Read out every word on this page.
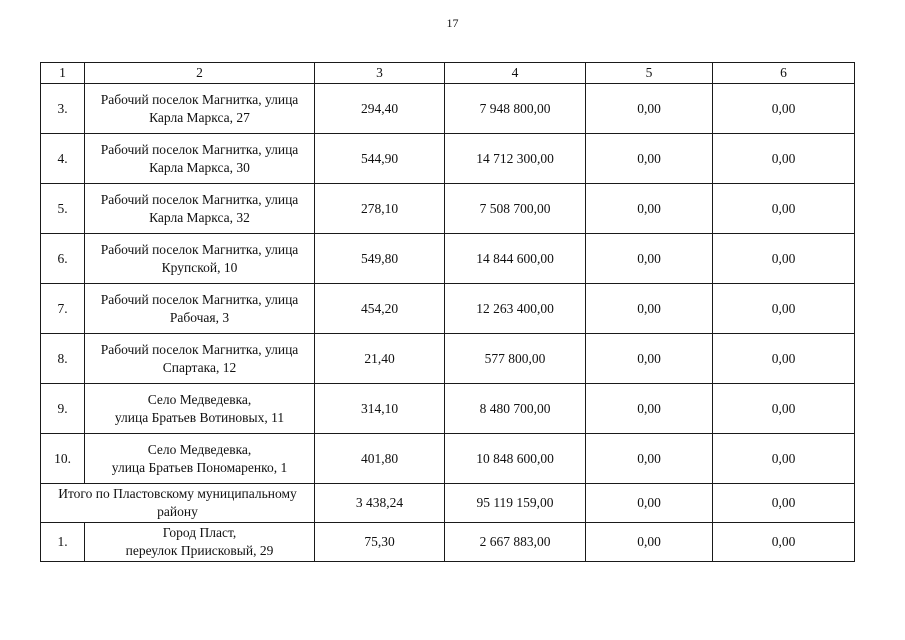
17
1	2	3	4	5	6
3.	Рабочий поселок Магнитка, улица
Карла Маркса, 27	294,40	7 948 800,00	0,00	0,00
4.	Рабочий поселок Магнитка, улица
Карла Маркса, 30	544,90	14 712 300,00	0,00	0,00
5.	Рабочий поселок Магнитка, улица
Карла Маркса, 32	278,10	7 508 700,00	0,00	0,00
6.	Рабочий поселок Магнитка, улица
Крупской, 10	549,80	14 844 600,00	0,00	0,00
7.	Рабочий поселок Магнитка, улица
Рабочая, 3	454,20	12 263 400,00	0,00	0,00
8.	Рабочий поселок Магнитка, улица
Спартака, 12	21,40	577 800,00	0,00	0,00
9.	Село Медведевка,
улица Братьев Вотиновых, 11	314,10	8 480 700,00	0,00	0,00
10.	Село Медведевка,
улица Братьев Пономаренко, 1	401,80	10 848 600,00	0,00	0,00

Итого по Пластовскому муниципальному
району		3 438,24	95 119 159,00	0,00	0,00
1.	Город Пласт,
переулок Приисковый, 29	75,30	2 667 883,00	0,00	0,00
